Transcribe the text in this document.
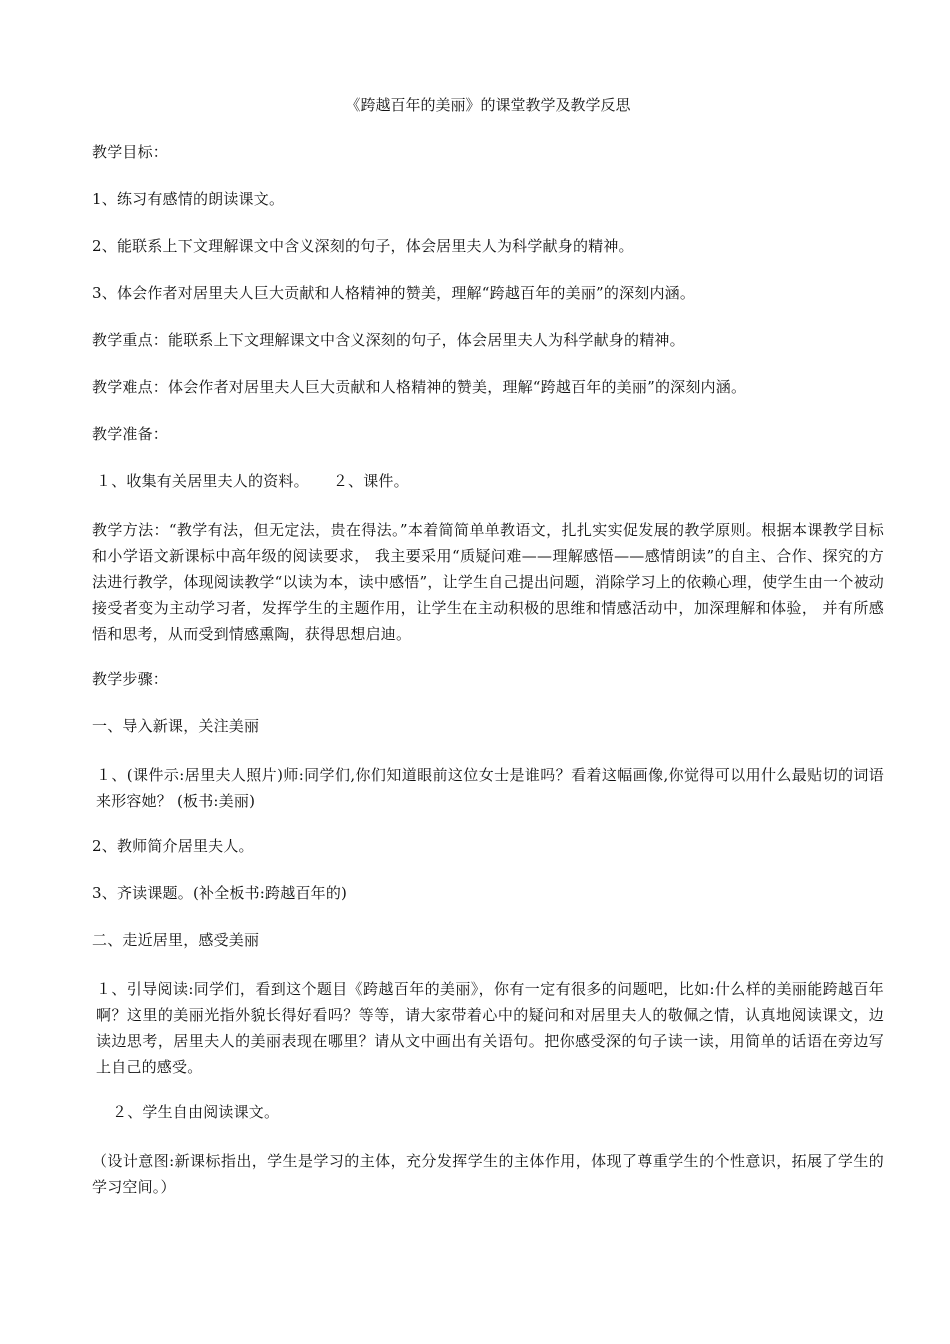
《跨越百年的美丽》的课堂教学及教学反思

教学目标：

1、练习有感情的朗读课文。

2、能联系上下文理解课文中含义深刻的句子，体会居里夫人为科学献身的精神。

3、体会作者对居里夫人巨大贡献和人格精神的赞美，理解“跨越百年的美丽”的深刻内涵。

教学重点：能联系上下文理解课文中含义深刻的句子，体会居里夫人为科学献身的精神。

教学难点：体会作者对居里夫人巨大贡献和人格精神的赞美，理解“跨越百年的美丽”的深刻内涵。

教学准备：

１、收集有关居里夫人的资料。 ２、课件。

教学方法：“教学有法，但无定法，贵在得法。”本着简简单单教语文，扎扎实实促发展的教学原则。根据本课教学目标和小学语文新课标中高年级的阅读要求， 我主要采用“质疑问难——理解感悟——感情朗读”的自主、合作、探究的方法进行教学，体现阅读教学“以读为本，读中感悟”，让学生自己提出问题，消除学习上的依赖心理，使学生由一个被动接受者变为主动学习者，发挥学生的主题作用，让学生在主动积极的思维和情感活动中，加深理解和体验， 并有所感悟和思考，从而受到情感熏陶，获得思想启迪。

教学步骤：

一、导入新课，关注美丽

１、(课件示:居里夫人照片)师:同学们,你们知道眼前这位女士是谁吗？看着这幅画像,你觉得可以用什么最贴切的词语来形容她？ (板书:美丽)

2、教师简介居里夫人。

3、齐读课题。(补全板书:跨越百年的)

二、走近居里，感受美丽

１、引导阅读:同学们，看到这个题目《跨越百年的美丽》，你有一定有很多的问题吧，比如:什么样的美丽能跨越百年啊？这里的美丽光指外貌长得好看吗？等等，请大家带着心中的疑问和对居里夫人的敬佩之情，认真地阅读课文，边读边思考，居里夫人的美丽表现在哪里？请从文中画出有关语句。把你感受深的句子读一读，用简单的话语在旁边写上自己的感受。

２、学生自由阅读课文。

（设计意图:新课标指出，学生是学习的主体，充分发挥学生的主体作用，体现了尊重学生的个性意识，拓展了学生的学习空间。）
